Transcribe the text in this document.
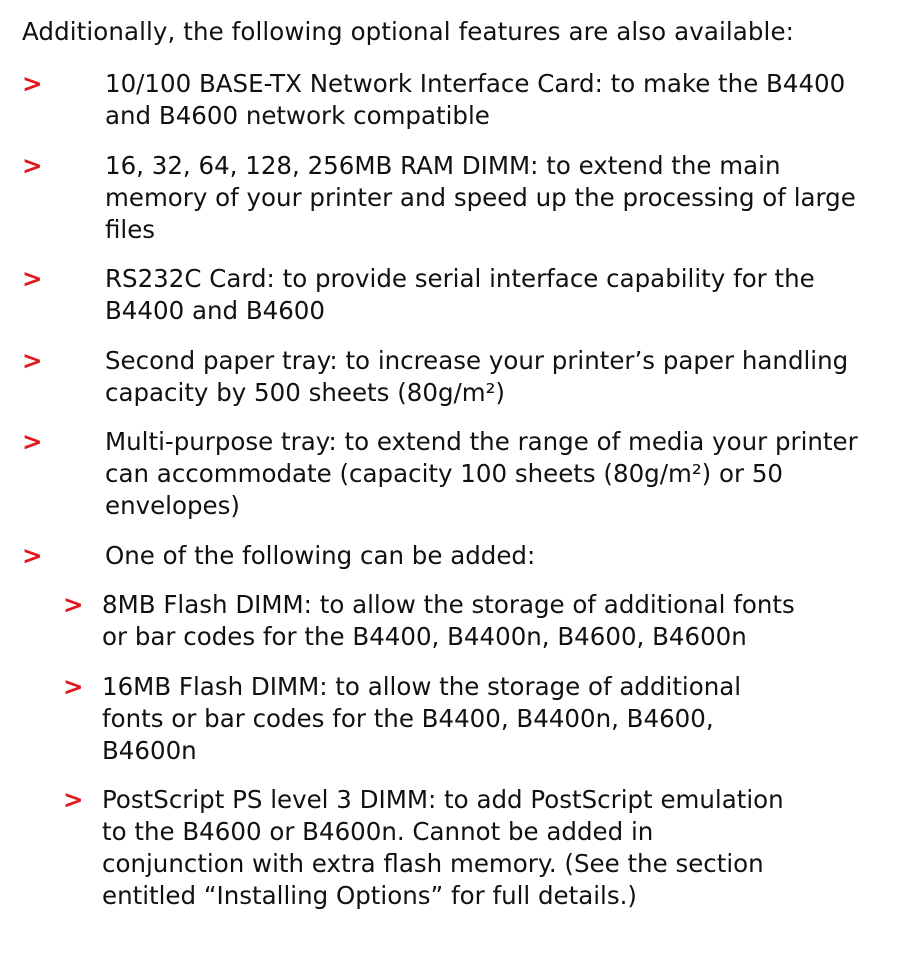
Additionally, the following optional features are also available:

>	10/100 BASE-TX Network Interface Card: to make the B4400 and B4600 network compatible
>	16, 32, 64, 128, 256MB RAM DIMM: to extend the main memory of your printer and speed up the processing of large files
>	RS232C Card: to provide serial interface capability for the B4400 and B4600
>	Second paper tray: to increase your printer’s paper handling capacity by 500 sheets (80g/m²)
>	Multi-purpose tray: to extend the range of media your printer can accommodate (capacity 100 sheets (80g/m²) or 50 envelopes)
>	One of the following can be added:
> 8MB Flash DIMM: to allow the storage of additional fonts or bar codes for the B4400, B4400n, B4600, B4600n
> 16MB Flash DIMM: to allow the storage of additional fonts or bar codes for the B4400, B4400n, B4600, B4600n
> PostScript PS level 3 DIMM: to add PostScript emulation to the B4600 or B4600n. Cannot be added in conjunction with extra flash memory. (See the section entitled “Installing Options” for full details.)
